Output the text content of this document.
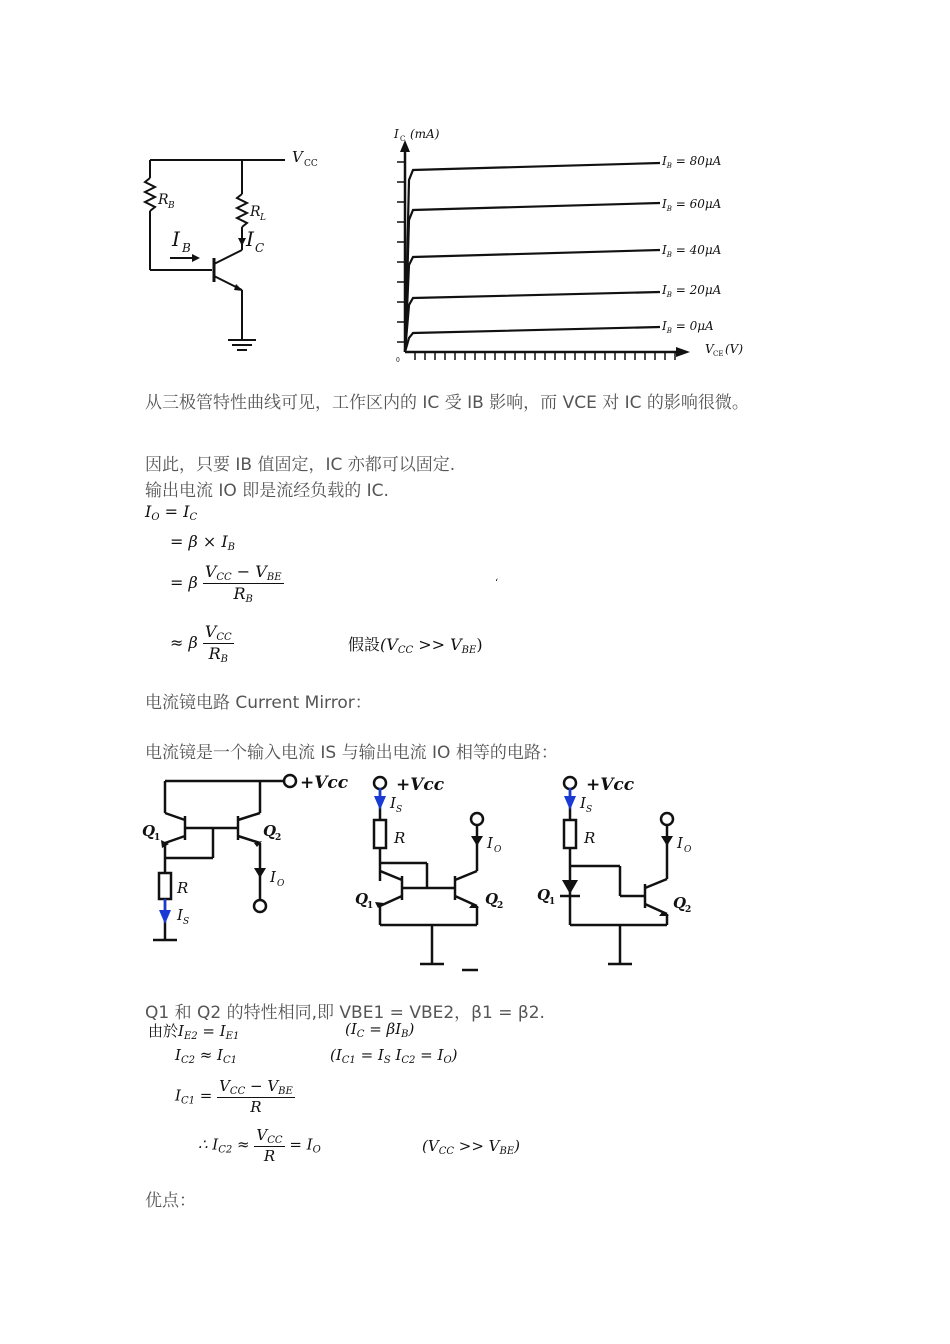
V CC
R B	R L
I B	I C
I C (mA)
V CE (V)
0
$I_B = 80\mu A$
$I_B = 60\mu A$
$I_B = 40\mu A$
$I_B = 20\mu A$
$I_B = 0\mu A$
从三极管特性曲线可见，工作区内的 IC 受 IB 影响，而 VCE 对 IC 的影响很微。
因此，只要 IB 值固定，IC 亦都可以固定.
输出电流 IO 即是流经负载的 IC.
$I_O = I_C$
= $\beta \times I_B$
= β $\frac{V_{CC} - V_{BE}}{R_B}$	‘
≈ β $\frac{V_{CC}}{R_B}$	假設$(V_{CC} >> V_{BE})$
电流镜电路 Current Mirror：
电流镜是一个输入电流 IS 与输出电流 IO 相等的电路：
+Vcc
Q
1	Q
2
R
I O
I S
+Vcc
I S
R	I O
Q
1	Q
2
+Vcc
I S
R	I O
Q
1	Q
2
Q1 和 Q2 的特性相同,即 VBE1 = VBE2，β1 = β2.
由於$I_{E2} = I_{E1}$	$(I_C = \beta I_B)$
$I_{C2} \approx I_{C1}$	($I_{C1} = I_S$ $I_{C2} = I_O$)
$I_{C1} = \frac{V_{CC} - V_{BE}}{R}$
∴ $I_{C2} \approx \frac{V_{CC}}{R} = I_O$	$(V_{CC} >> V_{BE})$
优点：
